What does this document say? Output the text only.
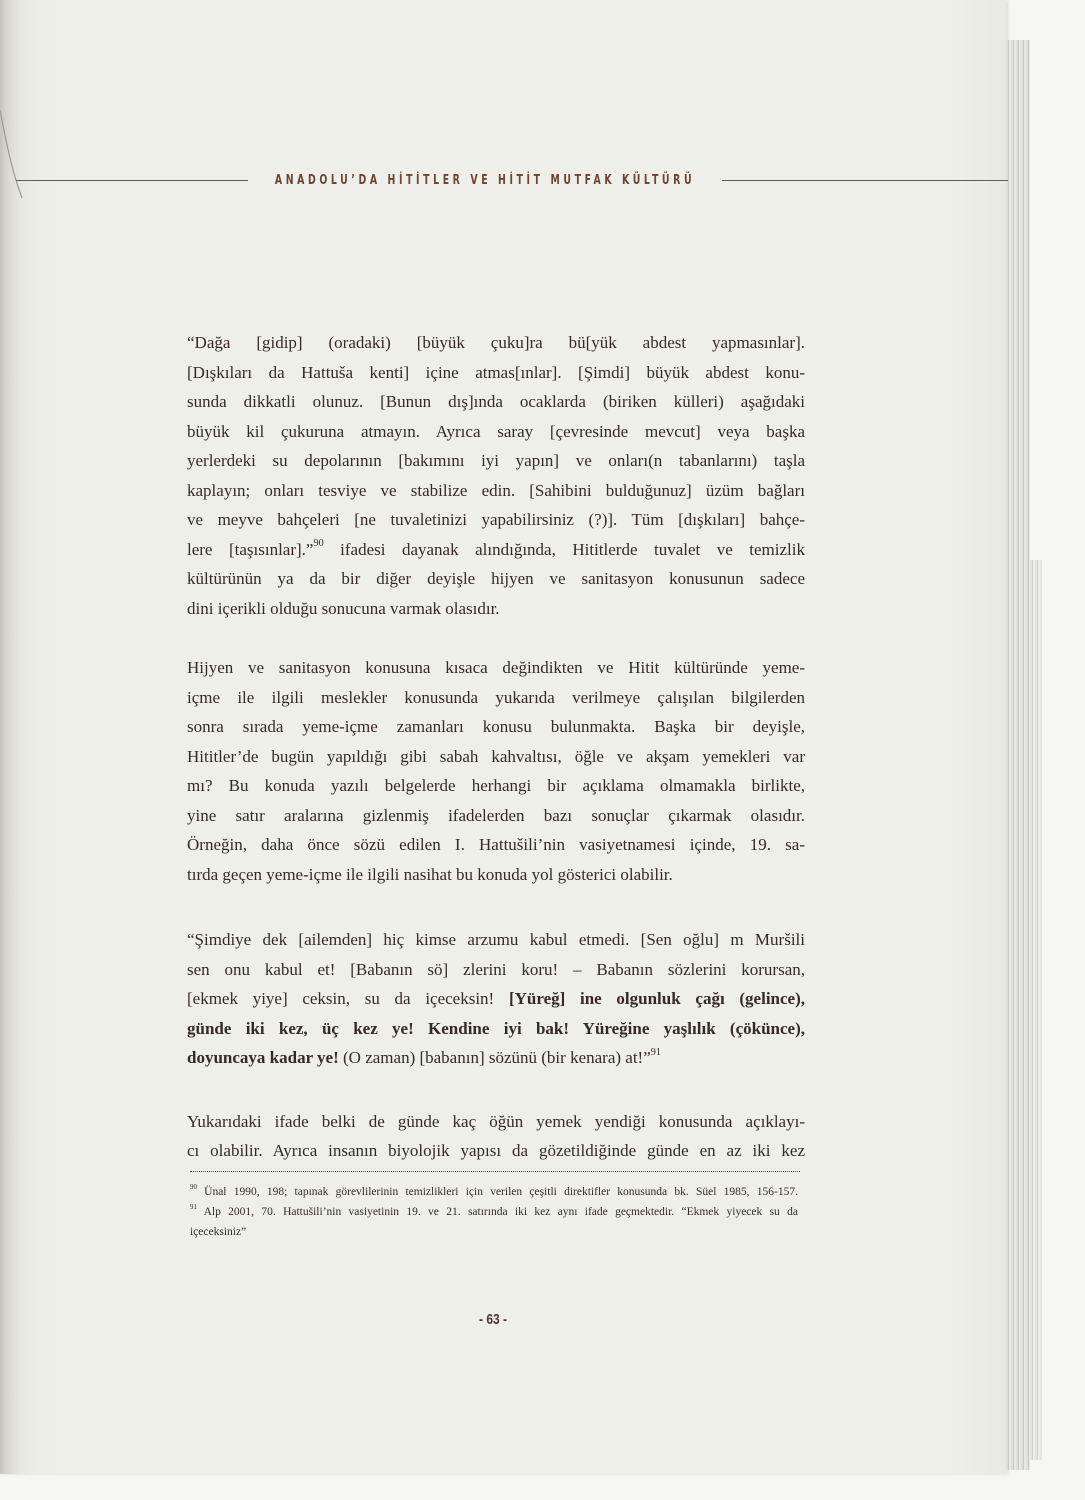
ANADOLU’DA HİTİTLER VE HİTİT MUTFAK KÜLTÜRÜ
“Dağa [gidip] (oradaki) [büyük çuku]ra bü[yük abdest yapmasınlar].
[Dışkıları da Hattuša kenti] içine atmas[ınlar]. [Şimdi] büyük abdest konu-
sunda dikkatli olunuz. [Bunun dış]ında ocaklarda (biriken külleri) aşağıdaki
büyük kil çukuruna atmayın. Ayrıca saray [çevresinde mevcut] veya başka
yerlerdeki su depolarının [bakımını iyi yapın] ve onları(n tabanlarını) taşla
kaplayın; onları tesviye ve stabilize edin. [Sahibini bulduğunuz] üzüm bağları
ve meyve bahçeleri [ne tuvaletinizi yapabilirsiniz (?)]. Tüm [dışkıları] bahçe-
lere [taşısınlar].”$^{90}$ ifadesi dayanak alındığında, Hititlerde tuvalet ve temizlik
kültürünün ya da bir diğer deyişle hijyen ve sanitasyon konusunun sadece
dini içerikli olduğu sonucuna varmak olasıdır.
Hijyen ve sanitasyon konusuna kısaca değindikten ve Hitit kültüründe yeme-
içme ile ilgili meslekler konusunda yukarıda verilmeye çalışılan bilgilerden
sonra sırada yeme-içme zamanları konusu bulunmakta. Başka bir deyişle,
Hititler’de bugün yapıldığı gibi sabah kahvaltısı, öğle ve akşam yemekleri var
mı? Bu konuda yazılı belgelerde herhangi bir açıklama olmamakla birlikte,
yine satır aralarına gizlenmiş ifadelerden bazı sonuçlar çıkarmak olasıdır.
Örneğin, daha önce sözü edilen I. Hattušili’nin vasiyetnamesi içinde, 19. sa-
tırda geçen yeme-içme ile ilgili nasihat bu konuda yol gösterici olabilir.
“Şimdiye dek [ailemden] hiç kimse arzumu kabul etmedi. [Sen oğlu] m Muršili
sen onu kabul et! [Babanın sö] zlerini koru! – Babanın sözlerini korursan,
[ekmek yiye] ceksin, su da içeceksin! [Yüreğ] ine olgunluk çağı (gelince),
günde iki kez, üç kez ye! Kendine iyi bak! Yüreğine yaşlılık (çökünce),
doyuncaya kadar ye! (O zaman) [babanın] sözünü (bir kenara) at!”$^{91}$
Yukarıdaki ifade belki de günde kaç öğün yemek yendiği konusunda açıklayı-
cı olabilir. Ayrıca insanın biyolojik yapısı da gözetildiğinde günde en az iki kez
$^{90}$ Ünal 1990, 198; tapınak görevlilerinin temizlikleri için verilen çeşitli direktifler konusunda bk. Süel 1985, 156-157.
$^{91}$ Alp 2001, 70. Hattušili’nin vasiyetinin 19. ve 21. satırında iki kez aynı ifade geçmektedir. “Ekmek yiyecek su da
içeceksiniz”
- 63 -
